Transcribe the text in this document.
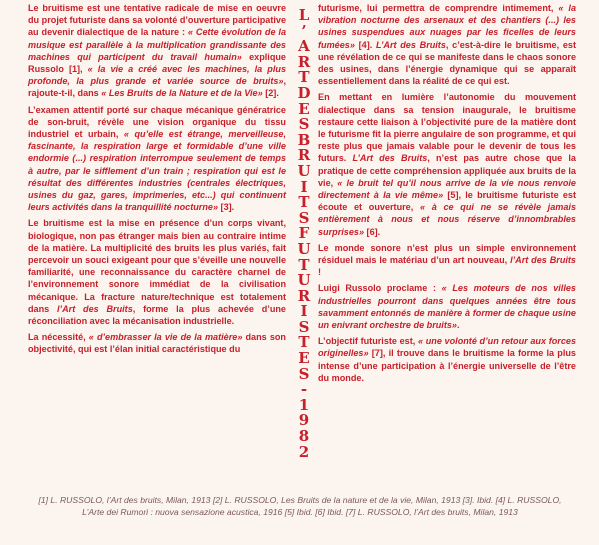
Le bruitisme est une tentative radicale de mise en oeuvre du projet futuriste dans sa volonté d’ouverture participative au devenir dialectique de la nature : « Cette évolution de la musique est parallèle à la multiplication grandissante des machines qui participent du travail humain» explique Russolo [1], « la vie a créé avec les machines, la plus profonde, la plus grande et variée source de bruits», rajoute-t-il, dans « Les Bruits de la Nature et de la Vie» [2].

L’examen attentif porté sur chaque mécanique génératrice de son-bruit, révèle une vision organique du tissu industriel et urbain, « qu’elle est étrange, merveilleuse, fascinante, la respiration large et formidable d’une ville endormie (...) respiration interrompue seulement de temps à autre, par le sifflement d’un train ; respiration qui est le résultat des différentes industries (centrales électriques, usines du gaz, gares, imprimeries, etc...) qui continuent leurs activités dans la tranquillité nocturne» [3].

Le bruitisme est la mise en présence d’un corps vivant, biologique, non pas étranger mais bien au contraire intime de la matière. La multiplicité des bruits les plus variés, fait percevoir un souci exigeant pour que s’éveille une nouvelle familiarité, une reconnaissance du caractère charnel de l’environnement sonore immédiat de la civilisation mécanique. La fracture nature/technique est totalement dans l’Art des Bruits, forme la plus achevée d’une réconciliation avec la mécanisation industrielle.

La nécessité, « d’embrasser la vie de la matière» dans son objectivité, qui est l’élan initial caractéristique du

L
’
A
R
T
D
E
S
B
R
U
I
T
S
F
U
T
U
R
I
S
T
E
S
-
1
9
8
2

futurisme, lui permettra de comprendre intimement, « la vibration nocturne des arsenaux et des chantiers (...) les usines suspendues aux nuages par les ficelles de leurs fumées» [4]. L’Art des Bruits, c’est-à-dire le bruitisme, est une révélation de ce qui se manifeste dans le chaos sonore des usines, dans l’énergie dynamique qui se apparaît essentiellement dans la réalité de ce qui est.

En mettant en lumière l’autonomie du mouvement dialectique dans sa tension inaugurale, le bruitisme restaure cette liaison à l’objectivité pure de la matière dont le futurisme fit la pierre angulaire de son programme, et qui reste plus que jamais valable pour le devenir de tous les futurs. L’Art des Bruits, n’est pas autre chose que la pratique de cette compréhension appliquée aux bruits de la vie, « le bruit tel qu’il nous arrive de la vie nous renvoie directement à la vie même» [5], le bruitisme futuriste est écoute et ouverture, « à ce qui ne se révèle jamais entièrement à nous et nous réserve d’innombrables surprises» [6].

Le monde sonore n’est plus un simple environnement résiduel mais le matériau d’un art nouveau, l’Art des Bruits !

Luigi Russolo proclame : « Les moteurs de nos villes industrielles pourront dans quelques années être tous savamment entonnés de manière à former de chaque usine un enivrant orchestre de bruits».

L’objectif futuriste est, « une volonté d’un retour aux forces originelles» [7], il trouve dans le bruitisme la forme la plus intense d’une participation à l’énergie universelle de l’être du monde.

[1] L. RUSSOLO, l’Art des bruits, Milan, 1913 [2] L. RUSSOLO, Les Bruits de la nature et de la vie, Milan, 1913 [3]. Ibid. [4] L. RUSSOLO,
L’Arte dei Rumori : nuova sensazione acustica, 1916 [5] Ibid. [6] Ibid. [7] L. RUSSOLO, l’Art des bruits, Milan, 1913
